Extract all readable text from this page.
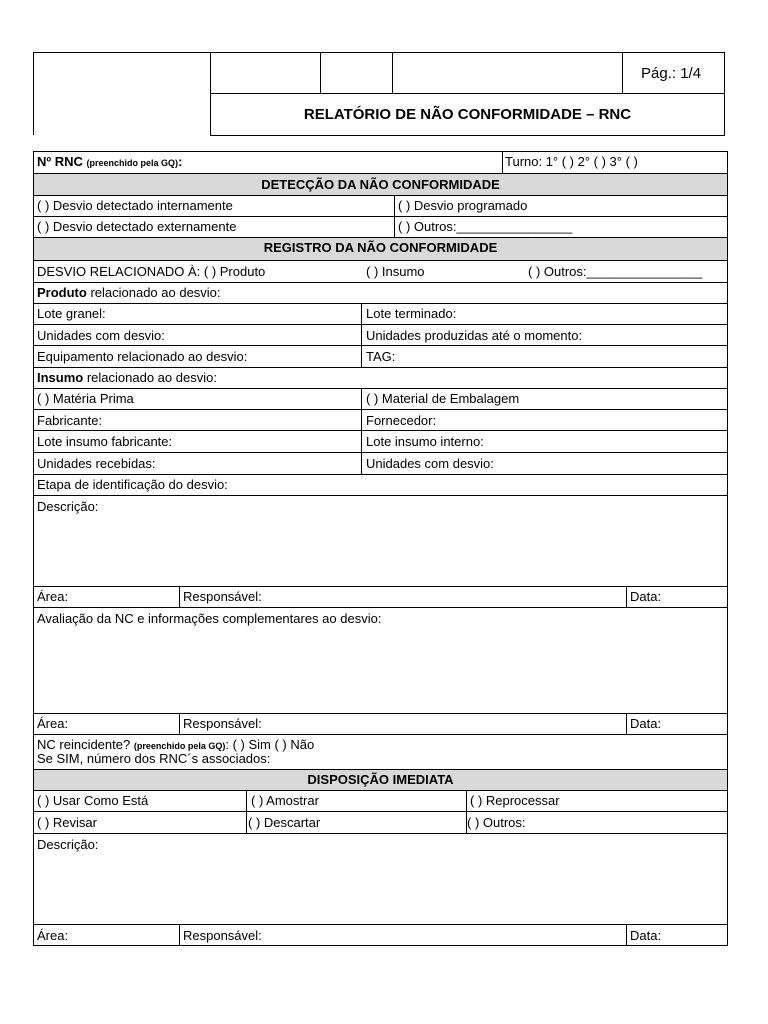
Pág.: 1/4
RELATÓRIO DE NÃO CONFORMIDADE – RNC
Nº RNC (preenchido pela GQ):	Turno: 1° ( ) 2° ( ) 3° ( )
DETECÇÃO DA NÃO CONFORMIDADE
( ) Desvio detectado internamente	( ) Desvio programado
( ) Desvio detectado externamente	( ) Outros:________________
REGISTRO DA NÃO CONFORMIDADE
DESVIO RELACIONADO À: ( ) Produto	( ) Insumo	( ) Outros:________________
Produto relacionado ao desvio:
Lote granel:	Lote terminado:
Unidades com desvio:	Unidades produzidas até o momento:
Equipamento relacionado ao desvio:	TAG:
Insumo relacionado ao desvio:
( ) Matéria Prima	( ) Material de Embalagem
Fabricante:	Fornecedor:
Lote insumo fabricante:	Lote insumo interno:
Unidades recebidas:	Unidades com desvio:
Etapa de identificação do desvio:
Descrição:
Área:	Responsável:	Data:
Avaliação da NC e informações complementares ao desvio:
Área:	Responsável:	Data:
NC reincidente? (preenchido pela GQ): ( ) Sim ( ) Não
Se SIM, número dos RNC´s associados:
DISPOSIÇÃO IMEDIATA
( ) Usar Como Está	( ) Amostrar	( ) Reprocessar
( ) Revisar	( ) Descartar	( ) Outros:
Descrição:
Área:	Responsável:	Data:
